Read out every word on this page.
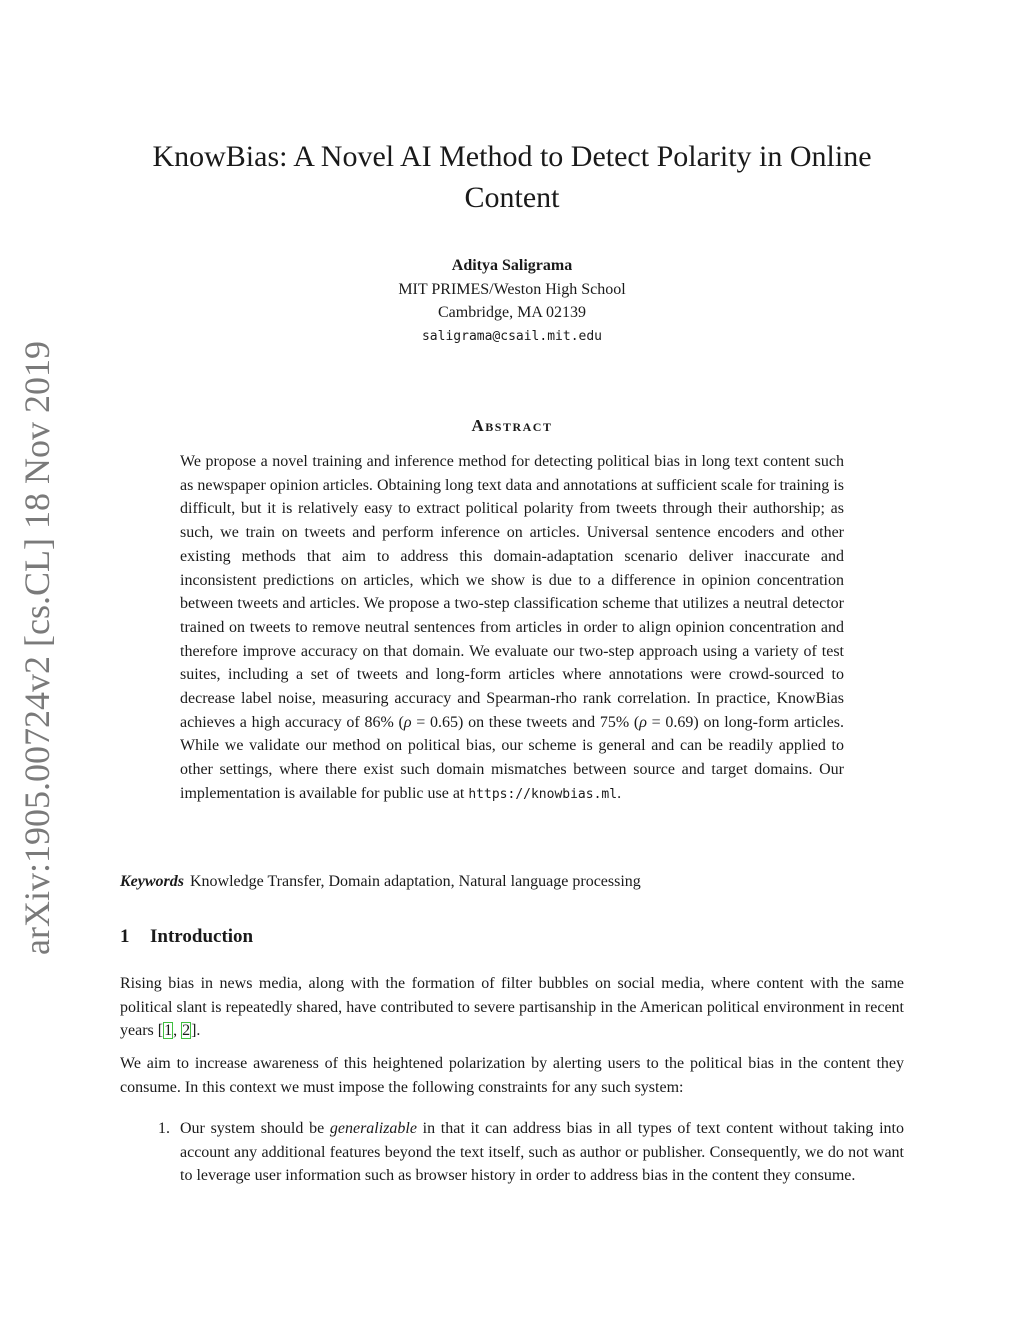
arXiv:1905.00724v2 [cs.CL] 18 Nov 2019
KnowBias: A Novel AI Method to Detect Polarity in Online Content
Aditya Saligrama
MIT PRIMES/Weston High School
Cambridge, MA 02139
saligrama@csail.mit.edu
Abstract

We propose a novel training and inference method for detecting political bias in long text content such as newspaper opinion articles. Obtaining long text data and annotations at sufficient scale for training is difficult, but it is relatively easy to extract political polarity from tweets through their authorship; as such, we train on tweets and perform inference on articles. Universal sentence encoders and other existing methods that aim to address this domain-adaptation scenario deliver inaccurate and inconsistent predictions on articles, which we show is due to a difference in opinion concentration between tweets and articles. We propose a two-step classification scheme that utilizes a neutral detector trained on tweets to remove neutral sentences from articles in order to align opinion concentration and therefore improve accuracy on that domain. We evaluate our two-step approach using a variety of test suites, including a set of tweets and long-form articles where annotations were crowd-sourced to decrease label noise, measuring accuracy and Spearman-rho rank correlation. In practice, KnowBias achieves a high accuracy of 86% (ρ = 0.65) on these tweets and 75% (ρ = 0.69) on long-form articles. While we validate our method on political bias, our scheme is general and can be readily applied to other settings, where there exist such domain mismatches between source and target domains. Our implementation is available for public use at https://knowbias.ml.

Keywords Knowledge Transfer, Domain adaptation, Natural language processing
1 Introduction

Rising bias in news media, along with the formation of filter bubbles on social media, where content with the same political slant is repeatedly shared, have contributed to severe partisanship in the American political environment in recent years [1, 2].

We aim to increase awareness of this heightened polarization by alerting users to the political bias in the content they consume. In this context we must impose the following constraints for any such system:

1. Our system should be generalizable in that it can address bias in all types of text content without taking into account any additional features beyond the text itself, such as author or publisher. Consequently, we do not want to leverage user information such as browser history in order to address bias in the content they consume.
